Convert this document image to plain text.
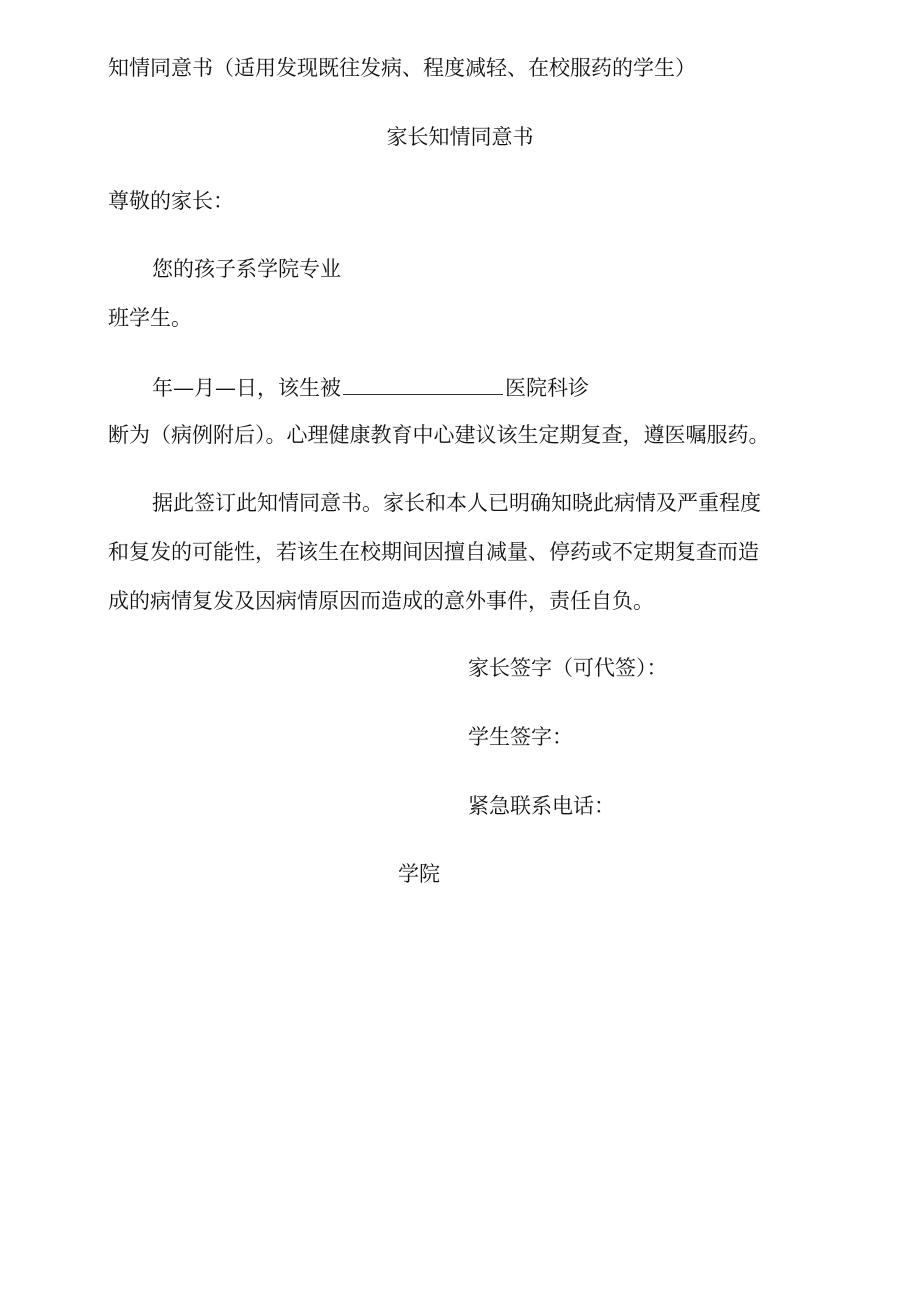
知情同意书（适用发现既往发病、程度减轻、在校服药的学生）
家长知情同意书
尊敬的家长：
您的孩子系学院专业
班学生。
年—月—日，该生被	医院科诊
断为（病例附后）。心理健康教育中心建议该生定期复查，遵医嘱服药。
据此签订此知情同意书。家长和本人已明确知晓此病情及严重程度
和复发的可能性，若该生在校期间因擅自减量、停药或不定期复查而造
成的病情复发及因病情原因而造成的意外事件，责任自负。
家长签字（可代签）：
学生签字：
紧急联系电话：
学院
